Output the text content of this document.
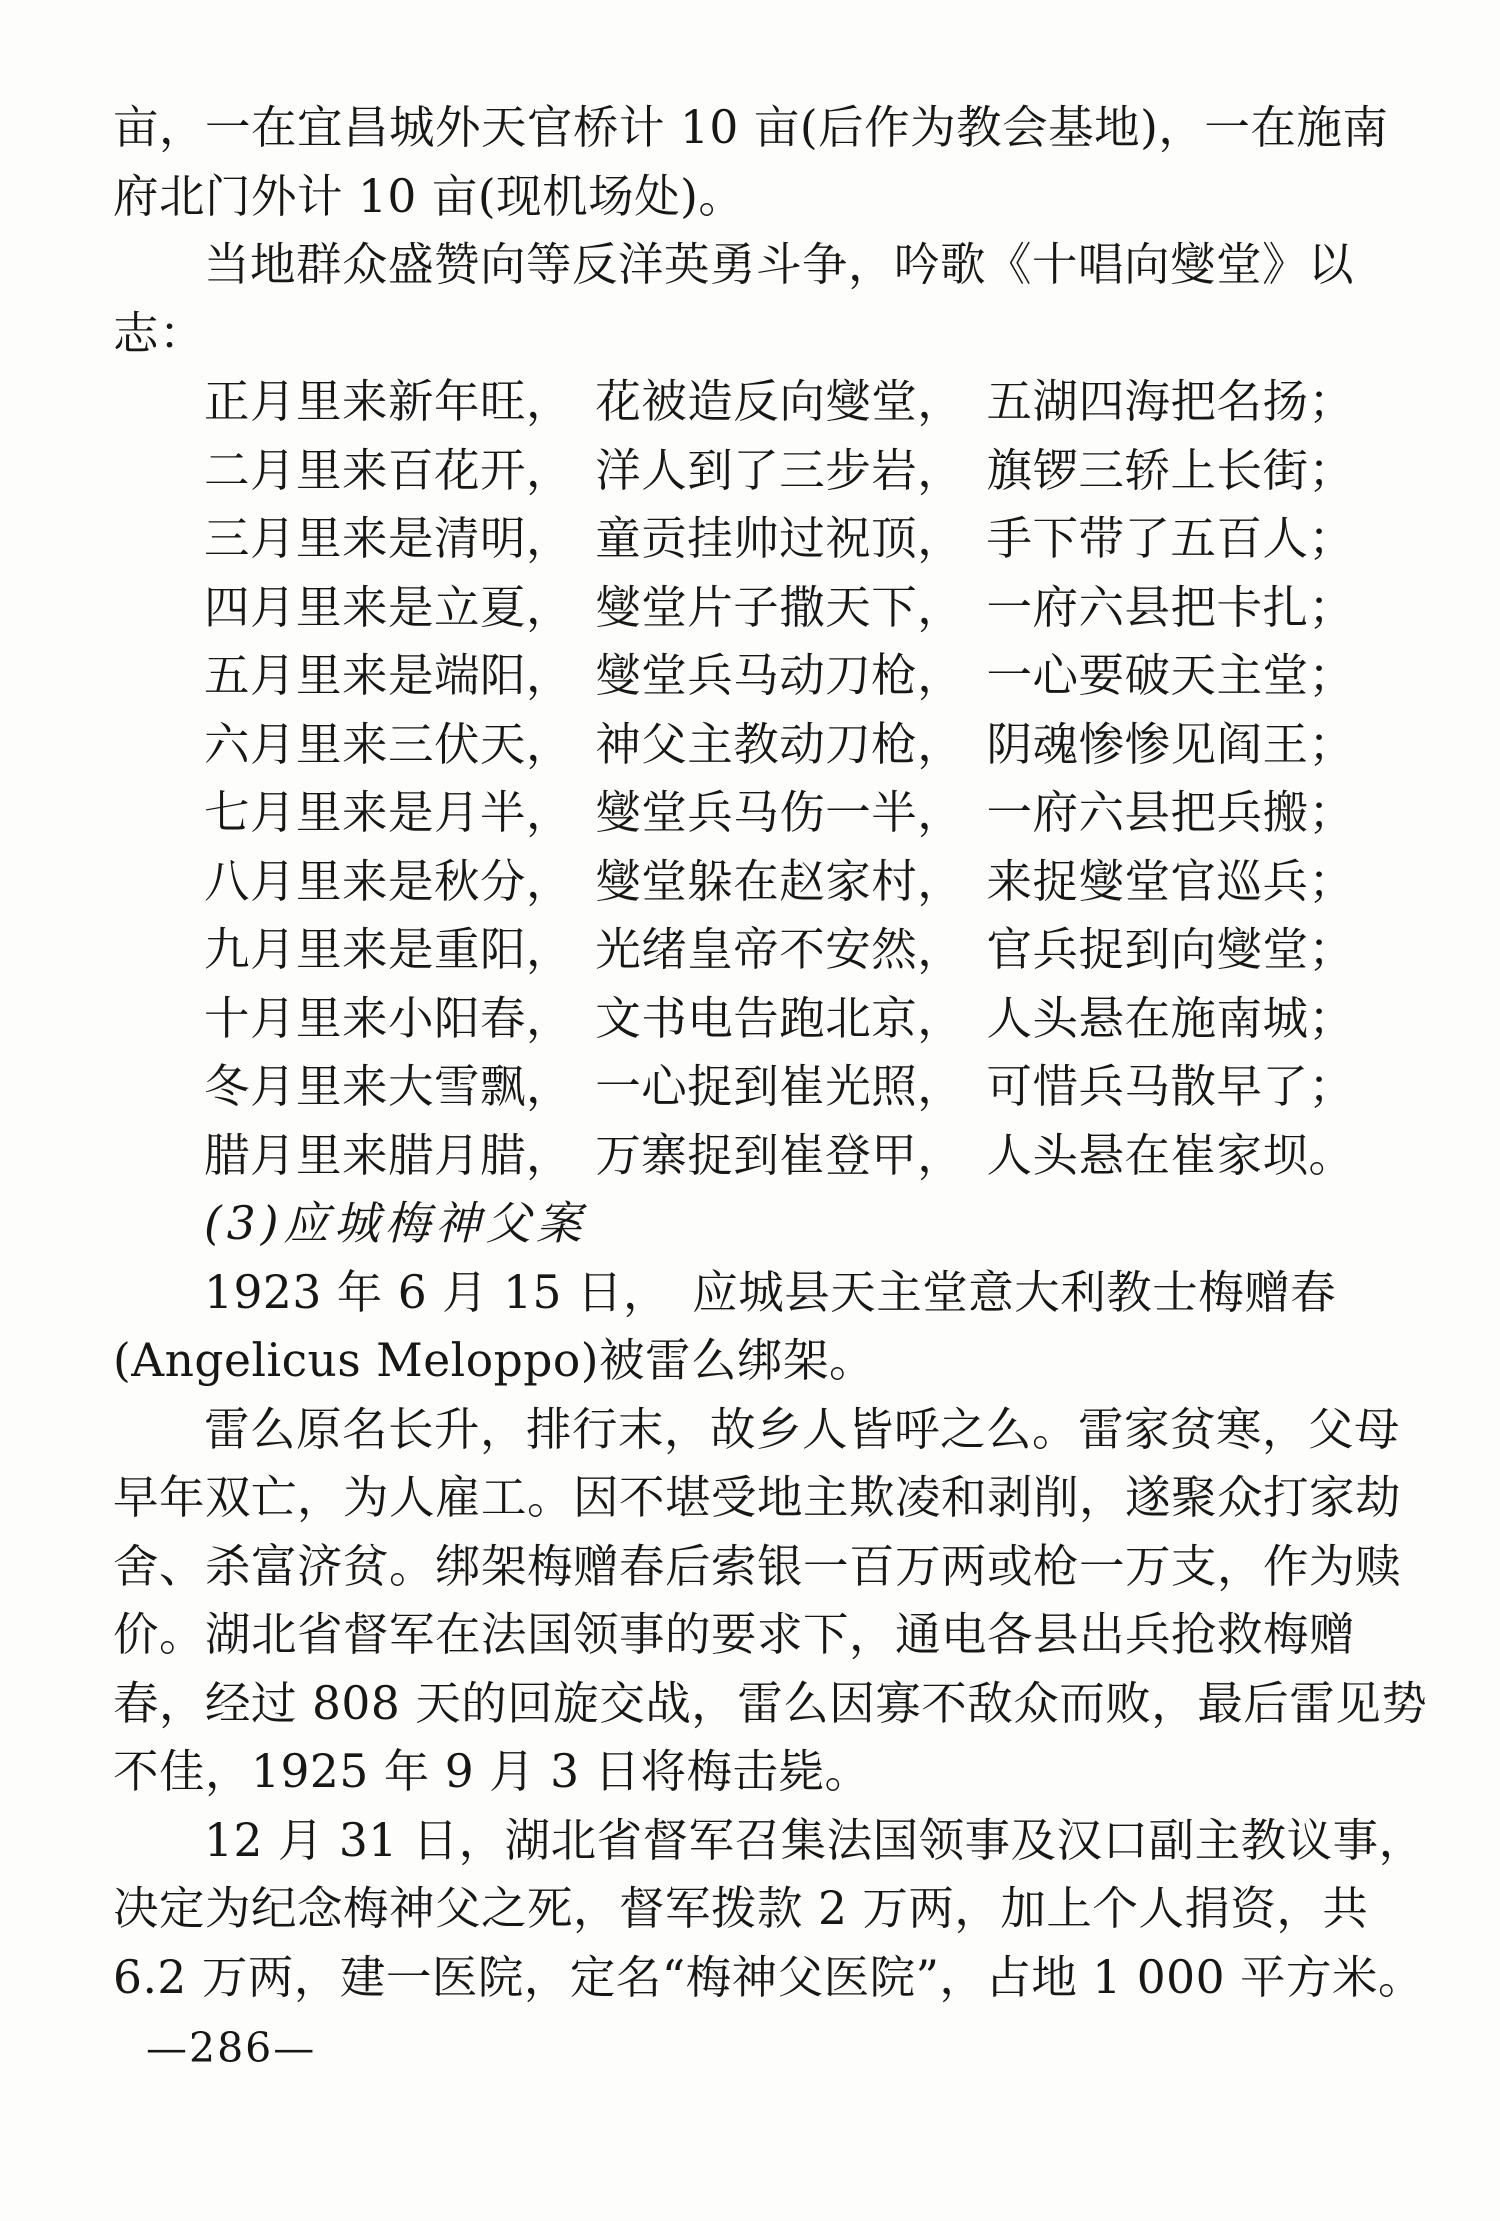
亩，一在宜昌城外天官桥计 10 亩(后作为教会基地)，一在施南
府北门外计 10 亩(现机场处)。
当地群众盛赞向等反洋英勇斗争，吟歌《十唱向燮堂》以
志：
正月里来新年旺，　花被造反向燮堂，　五湖四海把名扬；
二月里来百花开，　洋人到了三步岩，　旗锣三轿上长街；
三月里来是清明，　童贡挂帅过祝顶，　手下带了五百人；
四月里来是立夏，　燮堂片子撒天下，　一府六县把卡扎；
五月里来是端阳，　燮堂兵马动刀枪，　一心要破天主堂；
六月里来三伏天，　神父主教动刀枪，　阴魂惨惨见阎王；
七月里来是月半，　燮堂兵马伤一半，　一府六县把兵搬；
八月里来是秋分，　燮堂躲在赵家村，　来捉燮堂官巡兵；
九月里来是重阳，　光绪皇帝不安然，　官兵捉到向燮堂；
十月里来小阳春，　文书电告跑北京，　人头悬在施南城；
冬月里来大雪飘，　一心捉到崔光照，　可惜兵马散早了；
腊月里来腊月腊，　万寨捉到崔登甲，　人头悬在崔家坝。
(3)应城梅神父案
1923 年 6 月 15 日，　应城县天主堂意大利教士梅赠春
(Angelicus Meloppo)被雷么绑架。
雷么原名长升，排行末，故乡人皆呼之么。雷家贫寒，父母
早年双亡，为人雇工。因不堪受地主欺凌和剥削，遂聚众打家劫
舍、杀富济贫。绑架梅赠春后索银一百万两或枪一万支，作为赎
价。湖北省督军在法国领事的要求下，通电各县出兵抢救梅赠
春，经过 808 天的回旋交战，雷么因寡不敌众而败，最后雷见势
不佳，1925 年 9 月 3 日将梅击毙。
12 月 31 日，湖北省督军召集法国领事及汉口副主教议事，
决定为纪念梅神父之死，督军拨款 2 万两，加上个人捐资，共
6.2 万两，建一医院，定名“梅神父医院”，占地 1 000 平方米。
—286—
